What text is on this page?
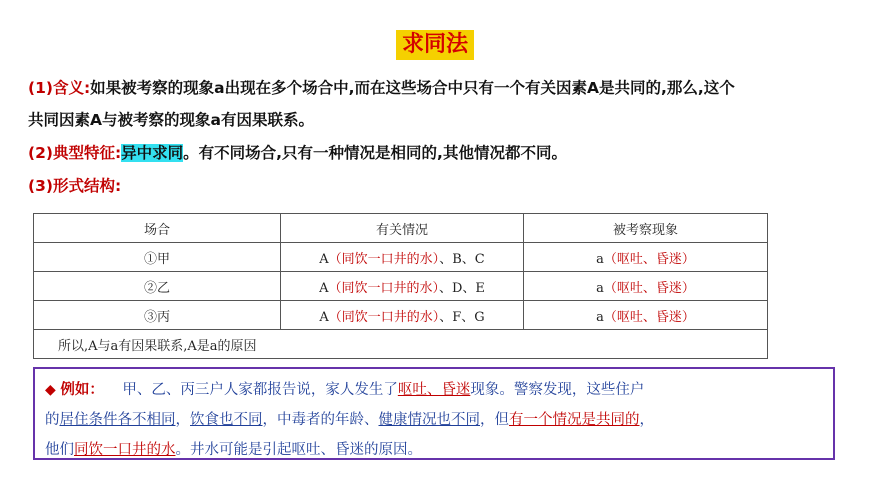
求同法
(1)含义:如果被考察的现象a出现在多个场合中,而在这些场合中只有一个有关因素A是共同的,那么,这个
共同因素A与被考察的现象a有因果联系。
(2)典型特征:异中求同。有不同场合,只有一种情况是相同的,其他情况都不同。
(3)形式结构:
场合	有关情况	被考察现象
①甲	A（同饮一口井的水）、B、C	a（呕吐、昏迷）
②乙	A（同饮一口井的水）、D、E	a（呕吐、昏迷）
③丙	A（同饮一口井的水）、F、G	a（呕吐、昏迷）
所以,A与a有因果联系,A是a的原因		
◆ 例如： 甲、乙、丙三户人家都报告说，家人发生了呕吐、昏迷现象。警察发现，这些住户
的居住条件各不相同，饮食也不同，中毒者的年龄、健康情况也不同，但有一个情况是共同的，
他们同饮一口井的水。井水可能是引起呕吐、昏迷的原因。
